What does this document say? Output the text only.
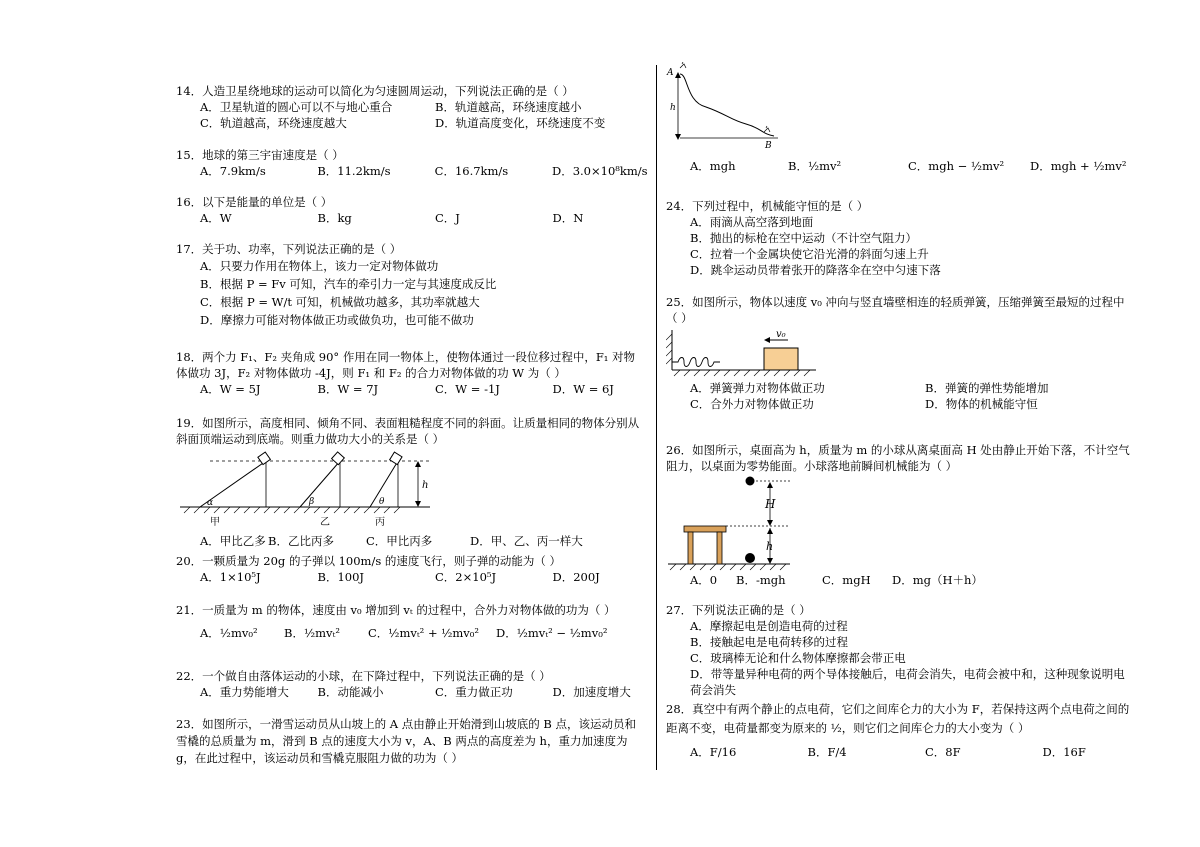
14．人造卫星绕地球的运动可以简化为匀速圆周运动，下列说法正确的是（ ）
A．卫星轨道的圆心可以不与地心重合	B．轨道越高，环绕速度越小
C．轨道越高，环绕速度越大	D．轨道高度变化，环绕速度不变
15．地球的第三宇宙速度是（ ）
A．7.9km/s	B．11.2km/s	C．16.7km/s	D．3.0×10⁸km/s
16．以下是能量的单位是（ ）
A．W	B．kg	C．J	D．N
17．关于功、功率，下列说法正确的是（ ）
A．只要力作用在物体上，该力一定对物体做功
B．根据 P = Fv 可知，汽车的牵引力一定与其速度成反比
C．根据 P = W/t 可知，机械做功越多，其功率就越大
D．摩擦力可能对物体做正功或做负功，也可能不做功
18．两个力 F₁、F₂ 夹角成 90° 作用在同一物体上，使物体通过一段位移过程中，F₁ 对物体做功 3J，F₂ 对物体做功 -4J，则 F₁ 和 F₂ 的合力对物体做的功 W 为（ ）
A．W = 5J	B．W = 7J	C．W = -1J	D．W = 6J
19．如图所示，高度相同、倾角不同、表面粗糙程度不同的斜面。让质量相同的物体分别从斜面顶端运动到底端。则重力做功大小的关系是（ ）
α	β	θ
h
甲	乙	丙
A．甲比乙多 B．乙比丙多	C．甲比丙多	D．甲、乙、丙一样大
20．一颗质量为 20g 的子弹以 100m/s 的速度飞行，则子弹的动能为（ ）
A．1×10⁵J	B．100J	C．2×10⁵J	D．200J
21．一质量为 m 的物体，速度由 v₀ 增加到 vₜ 的过程中，合外力对物体做的功为（ ）
A．½mv₀²	B．½mvₜ²	C．½mvₜ² + ½mv₀²	D．½mvₜ² − ½mv₀²
22．一个做自由落体运动的小球，在下降过程中，下列说法正确的是（ ）
A．重力势能增大	B．动能减小	C．重力做正功	D．加速度增大
23．如图所示，一滑雪运动员从山坡上的 A 点由静止开始滑到山坡底的 B 点，该运动员和雪橇的总质量为 m，滑到 B 点的速度大小为 v，A、B 两点的高度差为 h，重力加速度为 g，在此过程中，该运动员和雪橇克服阻力做的功为（ ）
A
h
B
A．mgh	B．½mv²	C．mgh − ½mv²	D．mgh + ½mv²
24．下列过程中，机械能守恒的是（ ）
A．雨滴从高空落到地面
B．抛出的标枪在空中运动（不计空气阻力）
C．拉着一个金属块使它沿光滑的斜面匀速上升
D．跳伞运动员带着张开的降落伞在空中匀速下落
25．如图所示，物体以速度 v₀ 冲向与竖直墙壁相连的轻质弹簧，压缩弹簧至最短的过程中（ ）
v₀
A．弹簧弹力对物体做正功	B．弹簧的弹性势能增加
C．合外力对物体做正功	D．物体的机械能守恒
26．如图所示，桌面高为 h，质量为 m 的小球从离桌面高 H 处由静止开始下落，不计空气阻力，以桌面为零势能面。小球落地前瞬间机械能为（ ）
H
h
A．0	B．-mgh	C．mgH	D．mg（H＋h）
27．下列说法正确的是（ ）
A．摩擦起电是创造电荷的过程
B．接触起电是电荷转移的过程
C．玻璃棒无论和什么物体摩擦都会带正电
D．带等量异种电荷的两个导体接触后，电荷会消失，电荷会被中和，这种现象说明电荷会消失
28．真空中有两个静止的点电荷，它们之间库仑力的大小为 F，若保持这两个点电荷之间的距离不变，电荷量都变为原来的 ½，则它们之间库仑力的大小变为（ ）
A．F/16	B．F/4	C．8F	D．16F
